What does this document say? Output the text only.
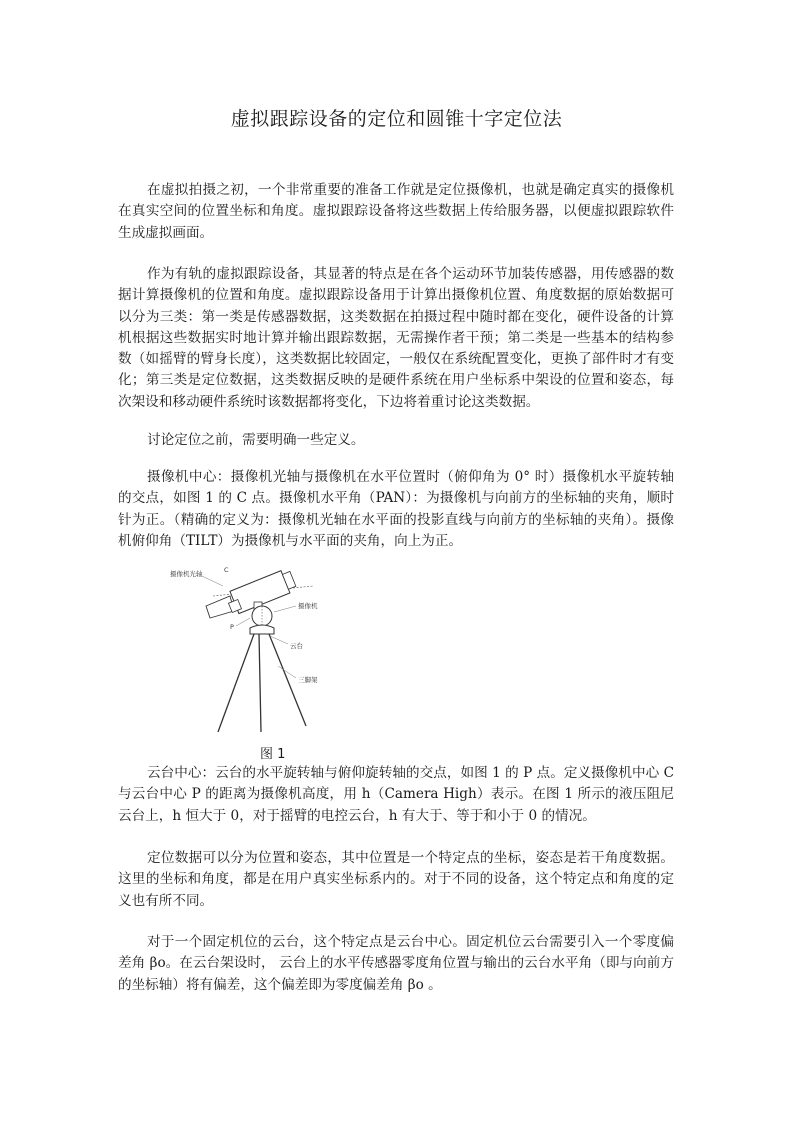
虚拟跟踪设备的定位和圆锥十字定位法

在虚拟拍摄之初，一个非常重要的准备工作就是定位摄像机，也就是确定真实的摄像机在真实空间的位置坐标和角度。虚拟跟踪设备将这些数据上传给服务器，以便虚拟跟踪软件生成虚拟画面。

作为有轨的虚拟跟踪设备，其显著的特点是在各个运动环节加装传感器，用传感器的数据计算摄像机的位置和角度。虚拟跟踪设备用于计算出摄像机位置、角度数据的原始数据可以分为三类：第一类是传感器数据，这类数据在拍摄过程中随时都在变化，硬件设备的计算机根据这些数据实时地计算并输出跟踪数据，无需操作者干预；第二类是一些基本的结构参数（如摇臂的臂身长度），这类数据比较固定，一般仅在系统配置变化，更换了部件时才有变化；第三类是定位数据，这类数据反映的是硬件系统在用户坐标系中架设的位置和姿态，每次架设和移动硬件系统时该数据都将变化，下边将着重讨论这类数据。

讨论定位之前，需要明确一些定义。

摄像机中心：摄像机光轴与摄像机在水平位置时（俯仰角为 0° 时）摄像机水平旋转轴的交点，如图 1 的 C 点。摄像机水平角（PAN）：为摄像机与向前方的坐标轴的夹角，顺时针为正。（精确的定义为：摄像机光轴在水平面的投影直线与向前方的坐标轴的夹角）。摄像机俯仰角（TILT）为摄像机与水平面的夹角，向上为正。

摄像机光轴	C
摄像机
P
云台
三脚架
图 1

云台中心：云台的水平旋转轴与俯仰旋转轴的交点，如图 1 的 P 点。定义摄像机中心 C 与云台中心 P 的距离为摄像机高度，用 h（Camera High）表示。在图 1 所示的液压阻尼云台上，h 恒大于 0，对于摇臂的电控云台，h 有大于、等于和小于 0 的情况。

定位数据可以分为位置和姿态，其中位置是一个特定点的坐标，姿态是若干角度数据。这里的坐标和角度，都是在用户真实坐标系内的。对于不同的设备，这个特定点和角度的定义也有所不同。

对于一个固定机位的云台，这个特定点是云台中心。固定机位云台需要引入一个零度偏差角 βo。在云台架设时， 云台上的水平传感器零度角位置与输出的云台水平角（即与向前方的坐标轴）将有偏差，这个偏差即为零度偏差角 βo 。
